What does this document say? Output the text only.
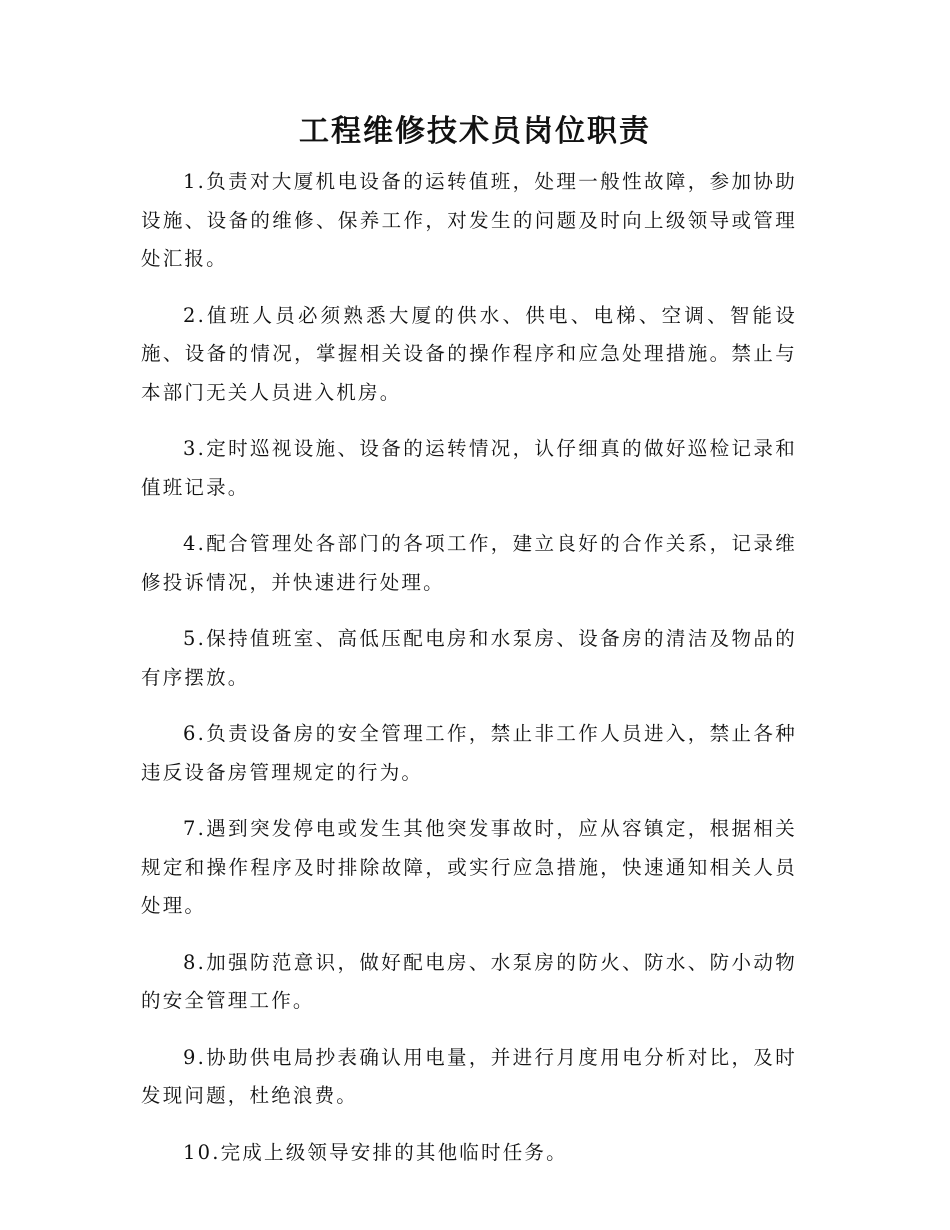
工程维修技术员岗位职责

1.负责对大厦机电设备的运转值班，处理一般性故障，参加协助设施、设备的维修、保养工作，对发生的问题及时向上级领导或管理处汇报。

2.值班人员必须熟悉大厦的供水、供电、电梯、空调、智能设施、设备的情况，掌握相关设备的操作程序和应急处理措施。禁止与本部门无关人员进入机房。

3.定时巡视设施、设备的运转情况，认仔细真的做好巡检记录和值班记录。

4.配合管理处各部门的各项工作，建立良好的合作关系，记录维修投诉情况，并快速进行处理。

5.保持值班室、高低压配电房和水泵房、设备房的清洁及物品的有序摆放。

6.负责设备房的安全管理工作，禁止非工作人员进入，禁止各种违反设备房管理规定的行为。

7.遇到突发停电或发生其他突发事故时，应从容镇定，根据相关规定和操作程序及时排除故障，或实行应急措施，快速通知相关人员处理。

8.加强防范意识，做好配电房、水泵房的防火、防水、防小动物的安全管理工作。

9.协助供电局抄表确认用电量，并进行月度用电分析对比，及时发现问题，杜绝浪费。

10.完成上级领导安排的其他临时任务。
